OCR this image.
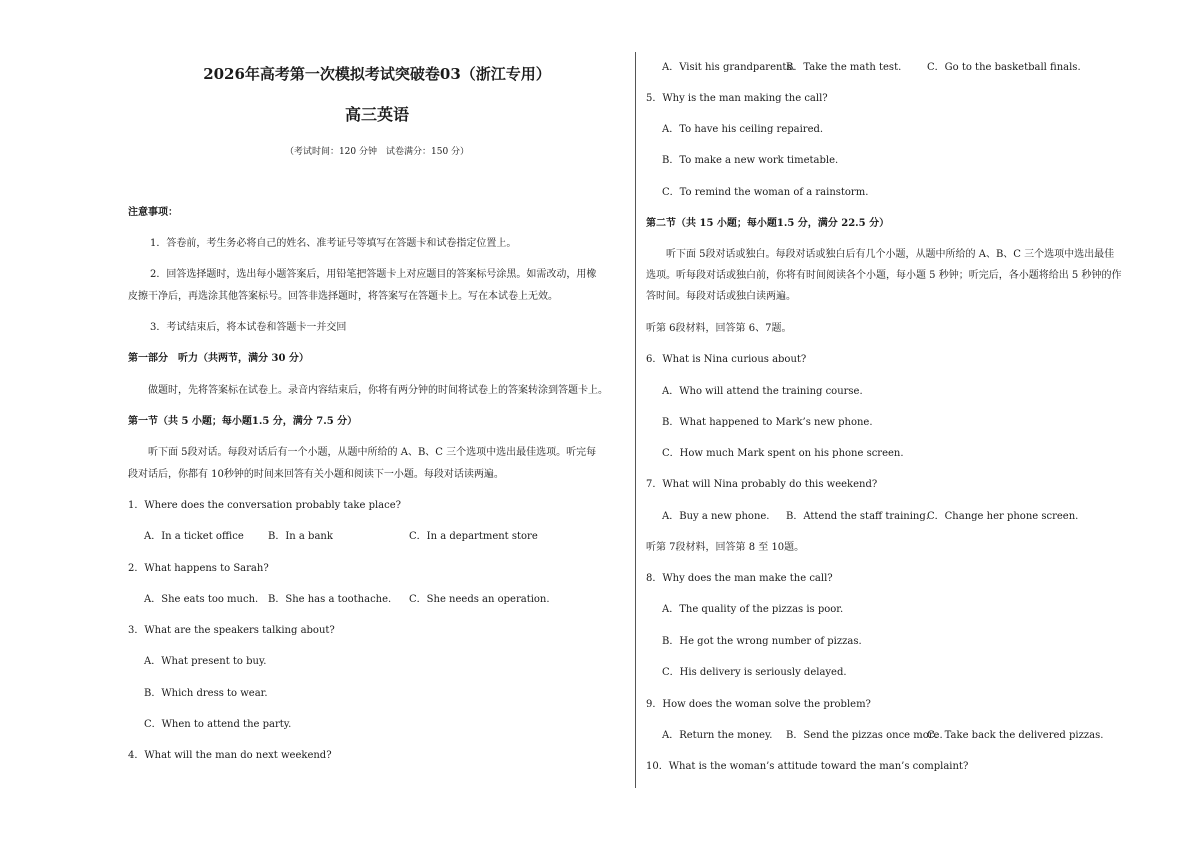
2026年高考第一次模拟考试突破卷03（浙江专用）
高三英语
（考试时间：120 分钟　试卷满分：150 分）
注意事项：
1．答卷前，考生务必将自己的姓名、准考证号等填写在答题卡和试卷指定位置上。
2．回答选择题时，选出每小题答案后，用铅笔把答题卡上对应题目的答案标号涂黑。如需改动，用橡
皮擦干净后，再选涂其他答案标号。回答非选择题时，将答案写在答题卡上。写在本试卷上无效。
3．考试结束后，将本试卷和答题卡一并交回
第一部分　听力（共两节，满分 30 分）
做题时，先将答案标在试卷上。录音内容结束后，你将有两分钟的时间将试卷上的答案转涂到答题卡上。
第一节（共 5 小题；每小题1.5 分，满分 7.5 分）
听下面 5段对话。每段对话后有一个小题，从题中所给的 A、B、C 三个选项中选出最佳选项。听完每
段对话后，你都有 10秒钟的时间来回答有关小题和阅读下一小题。每段对话读两遍。
1．Where does the conversation probably take place?
A．In a ticket office B．In a bank	C．In a department store
2．What happens to Sarah?
A．She eats too much. B．She has a toothache. C．She needs an operation.
3．What are the speakers talking about?
A．What present to buy.
B．Which dress to wear.
C．When to attend the party.
4．What will the man do next weekend?
A．Visit his grandparents.
B．Take the math test.	C．Go to the basketball finals.
5．Why is the man making the call?
A．To have his ceiling repaired.
B．To make a new work timetable.
C．To remind the woman of a rainstorm.
第二节（共 15 小题；每小题1.5 分，满分 22.5 分）
听下面 5段对话或独白。每段对话或独白后有几个小题，从题中所给的 A、B、C 三个选项中选出最佳
选项。听每段对话或独白前，你将有时间阅读各个小题，每小题 5 秒钟；听完后，各小题将给出 5 秒钟的作
答时间。每段对话或独白读两遍。
听第 6段材料，回答第 6、7题。
6．What is Nina curious about?
A．Who will attend the training course.
B．What happened to Mark’s new phone.
C．How much Mark spent on his phone screen.
7．What will Nina probably do this weekend?
A．Buy a new phone. B．Attend the staff training.
C．Change her phone screen.
听第 7段材料，回答第 8 至 10题。
8．Why does the man make the call?
A．The quality of the pizzas is poor.
B．He got the wrong number of pizzas.
C．His delivery is seriously delayed.
9．How does the woman solve the problem?
A．Return the money. B．Send the pizzas once more.
C．Take back the delivered pizzas.
10．What is the woman’s attitude toward the man’s complaint?
